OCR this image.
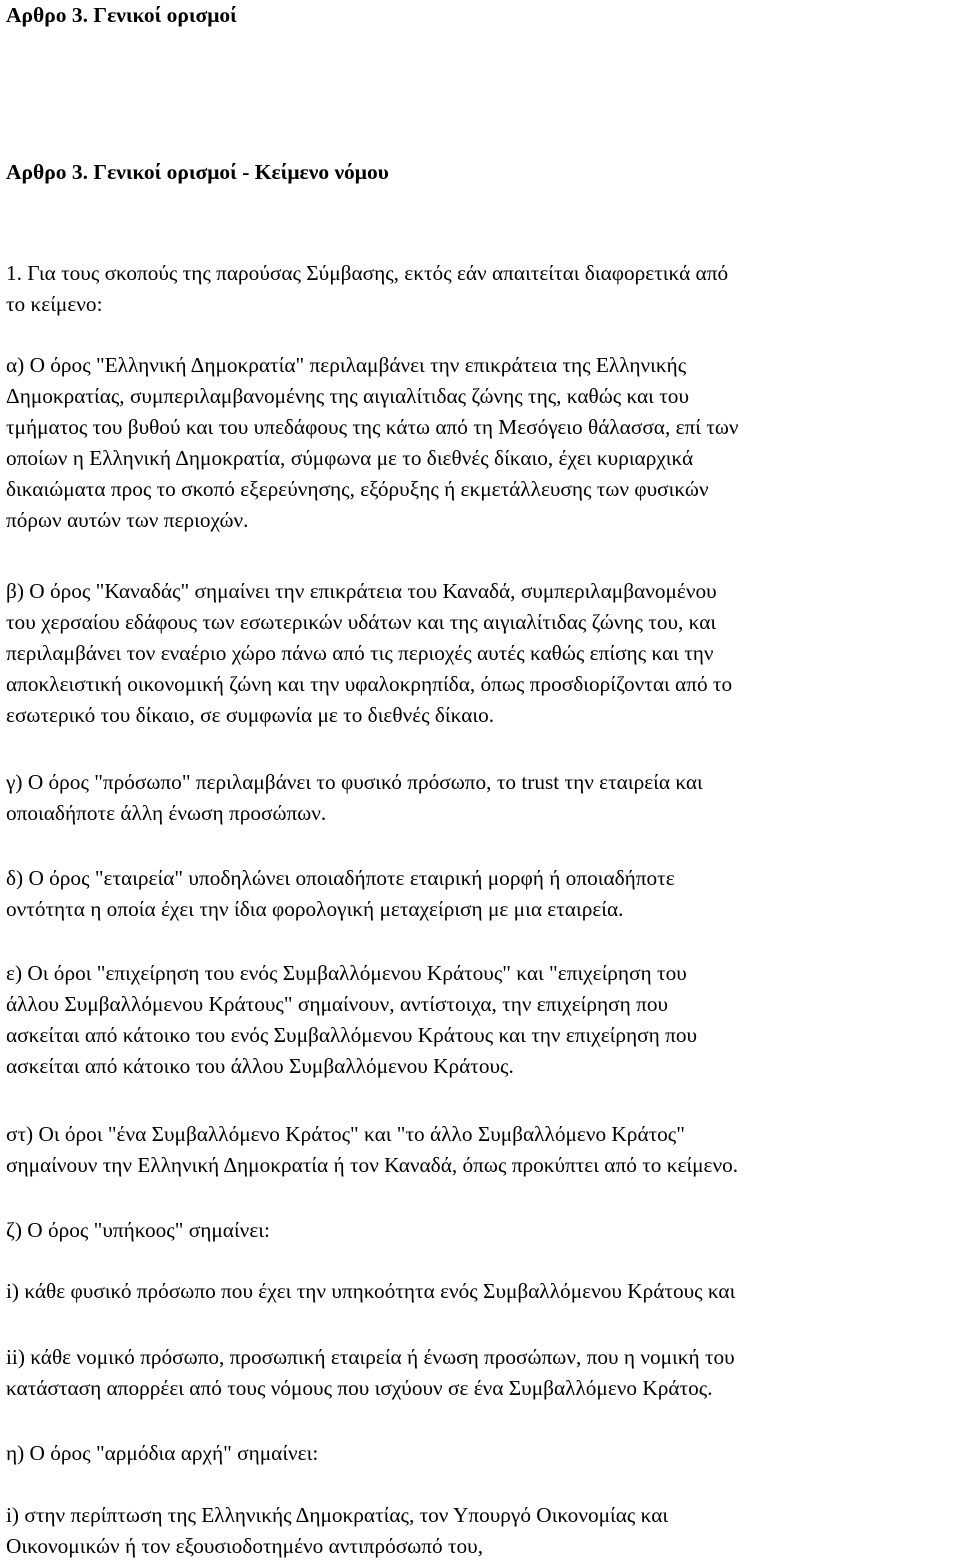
Αρθρο 3. Γενικοί ορισμοί
Αρθρο 3. Γενικοί ορισμοί - Κείμενο νόμου
1. Για τους σκοπούς της παρούσας Σύμβασης, εκτός εάν απαιτείται διαφορετικά από
το κείμενο:
α) Ο όρος "Ελληνική Δημοκρατία" περιλαμβάνει την επικράτεια της Ελληνικής
Δημοκρατίας, συμπεριλαμβανομένης της αιγιαλίτιδας ζώνης της, καθώς και του
τμήματος του βυθού και του υπεδάφους της κάτω από τη Μεσόγειο θάλασσα, επί των
οποίων η Ελληνική Δημοκρατία, σύμφωνα με το διεθνές δίκαιο, έχει κυριαρχικά
δικαιώματα προς το σκοπό εξερεύνησης, εξόρυξης ή εκμετάλλευσης των φυσικών
πόρων αυτών των περιοχών.
β) Ο όρος "Καναδάς" σημαίνει την επικράτεια του Καναδά, συμπεριλαμβανομένου
του χερσαίου εδάφους των εσωτερικών υδάτων και της αιγιαλίτιδας ζώνης του, και
περιλαμβάνει τον εναέριο χώρο πάνω από τις περιοχές αυτές καθώς επίσης και την
αποκλειστική οικονομική ζώνη και την υφαλοκρηπίδα, όπως προσδιορίζονται από το
εσωτερικό του δίκαιο, σε συμφωνία με το διεθνές δίκαιο.
γ) Ο όρος "πρόσωπο" περιλαμβάνει το φυσικό πρόσωπο, το trust την εταιρεία και
οποιαδήποτε άλλη ένωση προσώπων.
δ) Ο όρος "εταιρεία" υποδηλώνει οποιαδήποτε εταιρική μορφή ή οποιαδήποτε
οντότητα η οποία έχει την ίδια φορολογική μεταχείριση με μια εταιρεία.
ε) Οι όροι "επιχείρηση του ενός Συμβαλλόμενου Κράτους" και "επιχείρηση του
άλλου Συμβαλλόμενου Κράτους" σημαίνουν, αντίστοιχα, την επιχείρηση που
ασκείται από κάτοικο του ενός Συμβαλλόμενου Κράτους και την επιχείρηση που
ασκείται από κάτοικο του άλλου Συμβαλλόμενου Κράτους.
στ) Οι όροι "ένα Συμβαλλόμενο Κράτος" και "το άλλο Συμβαλλόμενο Κράτος"
σημαίνουν την Ελληνική Δημοκρατία ή τον Καναδά, όπως προκύπτει από το κείμενο.
ζ) Ο όρος "υπήκοος" σημαίνει:
i) κάθε φυσικό πρόσωπο που έχει την υπηκοότητα ενός Συμβαλλόμενου Κράτους και
ii) κάθε νομικό πρόσωπο, προσωπική εταιρεία ή ένωση προσώπων, που η νομική του
κατάσταση απορρέει από τους νόμους που ισχύουν σε ένα Συμβαλλόμενο Κράτος.
η) Ο όρος "αρμόδια αρχή" σημαίνει:
i) στην περίπτωση της Ελληνικής Δημοκρατίας, τον Υπουργό Οικονομίας και
Οικονομικών ή τον εξουσιοδοτημένο αντιπρόσωπό του,
